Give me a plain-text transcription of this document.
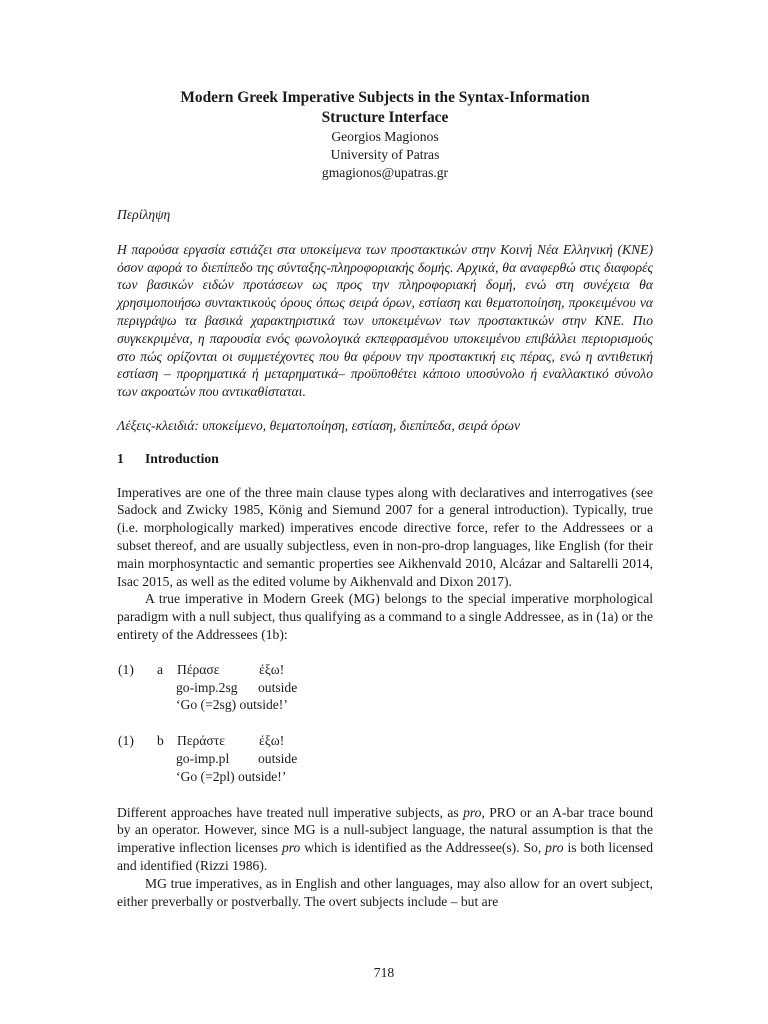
Modern Greek Imperative Subjects in the Syntax-Information
Structure Interface
Georgios Magionos
University of Patras
gmagionos@upatras.gr
Περίληψη

Η παρούσα εργασία εστιάζει στα υποκείμενα των προστακτικών στην Κοινή Νέα Ελληνική (ΚΝΕ) όσον αφορά το διεπίπεδο της σύνταξης-πληροφοριακής δομής. Αρχικά, θα αναφερθώ στις διαφορές των βασικών ειδών προτάσεων ως προς την πληροφοριακή δομή, ενώ στη συνέχεια θα χρησιμοποιήσω συντακτικούς όρους όπως σειρά όρων, εστίαση και θεματοποίηση, προκειμένου να περιγράψω τα βασικά χαρακτηριστικά των υποκειμένων των προστακτικών στην ΚΝΕ. Πιο συγκεκριμένα, η παρουσία ενός φωνολογικά εκπεφρασμένου υποκειμένου επιβάλλει περιορισμούς στο πώς ορίζονται οι συμμετέχοντες που θα φέρουν την προστακτική εις πέρας, ενώ η αντιθετική εστίαση – προρηματικά ή μεταρηματικά– προϋποθέτει κάποιο υποσύνολο ή εναλλακτικό σύνολο των ακροατών που αντικαθίσταται.

Λέξεις-κλειδιά: υποκείμενο, θεματοποίηση, εστίαση, διεπίπεδα, σειρά όρων
1 Introduction

Imperatives are one of the three main clause types along with declaratives and interrogatives (see Sadock and Zwicky 1985, König and Siemund 2007 for a general introduction). Typically, true (i.e. morphologically marked) imperatives encode directive force, refer to the Addressees or a subset thereof, and are usually subjectless, even in non-pro-drop languages, like English (for their main morphosyntactic and semantic properties see Aikhenvald 2010, Alcázar and Saltarelli 2014, Isac 2015, as well as the edited volume by Aikhenvald and Dixon 2017).

A true imperative in Modern Greek (MG) belongs to the special imperative morphological paradigm with a null subject, thus qualifying as a command to a single Addressee, as in (1a) or the entirety of the Addressees (1b):

(1)	a	Πέρασε	έξω!
go-imp.2sg	outside
‘Go (=2sg) outside!’
(1)	b Περάστε	έξω!
go-imp.pl	outside
‘Go (=2pl) outside!’

Different approaches have treated null imperative subjects, as pro, PRO or an A-bar trace bound by an operator. However, since MG is a null-subject language, the natural assumption is that the imperative inflection licenses pro which is identified as the Addressee(s). So, pro is both licensed and identified (Rizzi 1986).

MG true imperatives, as in English and other languages, may also allow for an overt subject, either preverbally or postverbally. The overt subjects include – but are

718
